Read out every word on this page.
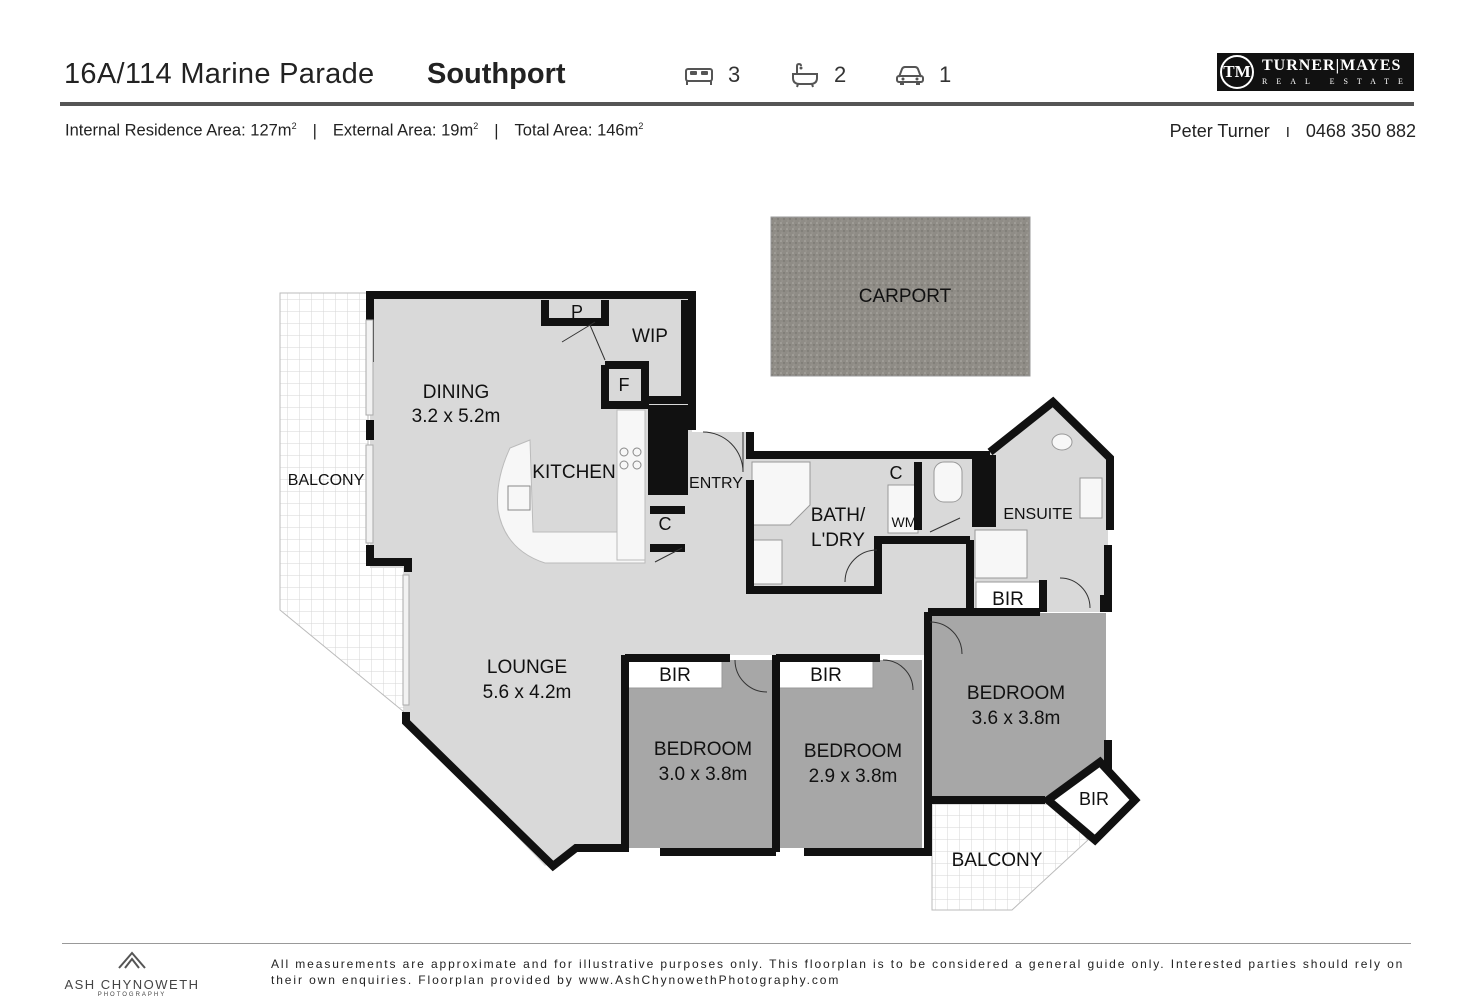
16A/114 Marine Parade Southport	3	2	1	TM TURNER|MAYES
REAL ESTATE
Internal Residence Area: $127m^2$ | External Area: $19m^2$ | Total Area: $146m^2$	Peter Turner I 0468 350 882
CARPORT
P
WIP
F
DINING
3.2 x 5.2m
KITCHEN
C
BALCONY	ENTRY
BATH/
L'DRY
C
WM	ENSUITE
LOUNGE
5.6 x 4.2m
BIR
BEDROOM
3.0 x 3.8m
BIR
BEDROOM
2.9 x 3.8m
BIR
BEDROOM
3.6 x 3.8m
BIR
BALCONY
ASH CHYNOWETH
PHOTOGRAPHY
All measurements are approximate and for illustrative purposes only. This floorplan is to be considered a general guide only. Interested parties should rely on their own enquiries. Floorplan provided by www.AshChynowethPhotography.com
